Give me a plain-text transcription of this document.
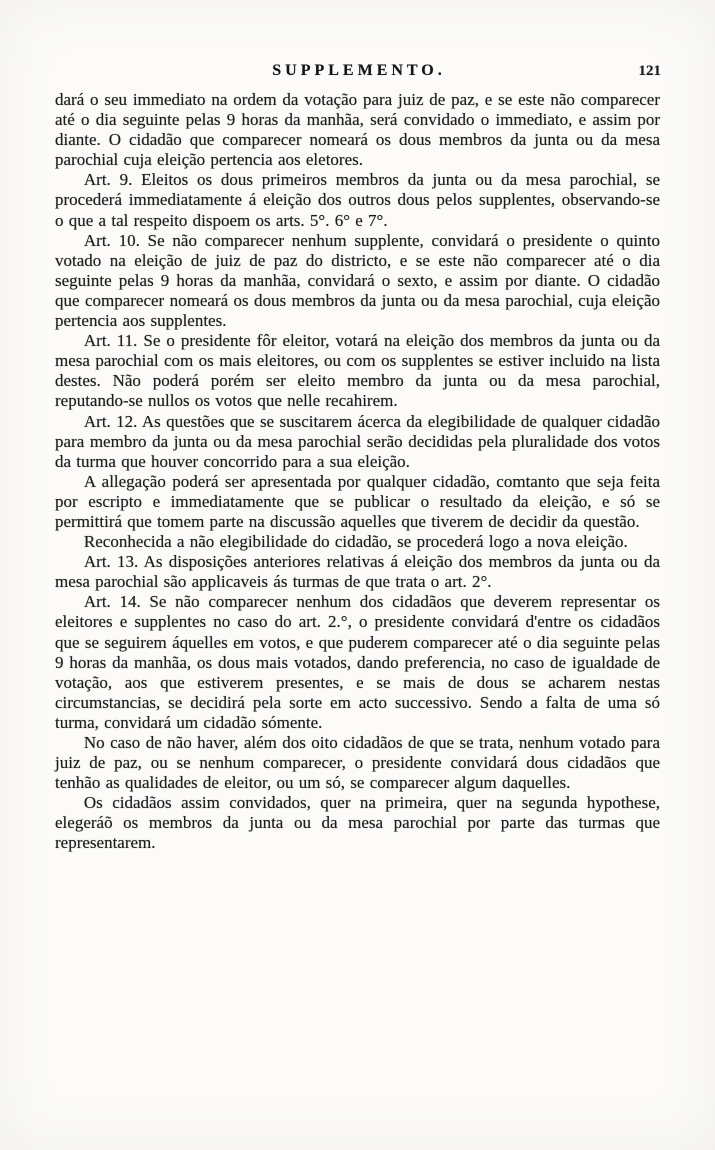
SUPPLEMENTO.	121

dará o seu immediato na ordem da votação para juiz de paz, e se este não comparecer até o dia seguinte pelas 9 horas da manhãa, será convidado o immediato, e assim por diante. O cidadão que comparecer nomeará os dous membros da junta ou da mesa parochial cuja eleição pertencia aos eletores.

Art. 9. Eleitos os dous primeiros membros da junta ou da mesa parochial, se procederá immediatamente á eleição dos outros dous pelos supplentes, observando-se o que a tal respeito dispoem os arts. 5°. 6° e 7°.

Art. 10. Se não comparecer nenhum supplente, convidará o presidente o quinto votado na eleição de juiz de paz do districto, e se este não comparecer até o dia seguinte pelas 9 horas da manhãa, convidará o sexto, e assim por diante. O cidadão que comparecer nomeará os dous membros da junta ou da mesa parochial, cuja eleição pertencia aos supplentes.

Art. 11. Se o presidente fôr eleitor, votará na eleição dos membros da junta ou da mesa parochial com os mais eleitores, ou com os supplentes se estiver incluido na lista destes. Não poderá porém ser eleito membro da junta ou da mesa parochial, reputando-se nullos os votos que nelle recahirem.

Art. 12. As questões que se suscitarem ácerca da elegibilidade de qualquer cidadão para membro da junta ou da mesa parochial serão decididas pela pluralidade dos votos da turma que houver concorrido para a sua eleição.

A allegação poderá ser apresentada por qualquer cidadão, comtanto que seja feita por escripto e immediatamente que se publicar o resultado da eleição, e só se permittirá que tomem parte na discussão aquelles que tiverem de decidir da questão.

Reconhecida a não elegibilidade do cidadão, se procederá logo a nova eleição.

Art. 13. As disposições anteriores relativas á eleição dos membros da junta ou da mesa parochial são applicaveis ás turmas de que trata o art. 2°.

Art. 14. Se não comparecer nenhum dos cidadãos que deverem representar os eleitores e supplentes no caso do art. 2.°, o presidente convidará d'entre os cidadãos que se seguirem áquelles em votos, e que puderem comparecer até o dia seguinte pelas 9 horas da manhãa, os dous mais votados, dando preferencia, no caso de igualdade de votação, aos que estiverem presentes, e se mais de dous se acharem nestas circumstancias, se decidirá pela sorte em acto successivo. Sendo a falta de uma só turma, convidará um cidadão sómente.

No caso de não haver, além dos oito cidadãos de que se trata, nenhum votado para juiz de paz, ou se nenhum comparecer, o presidente convidará dous cidadãos que tenhão as qualidades de eleitor, ou um só, se comparecer algum daquelles.

Os cidadãos assim convidados, quer na primeira, quer na segunda hypothese, elegeráõ os membros da junta ou da mesa parochial por parte das turmas que representarem.
